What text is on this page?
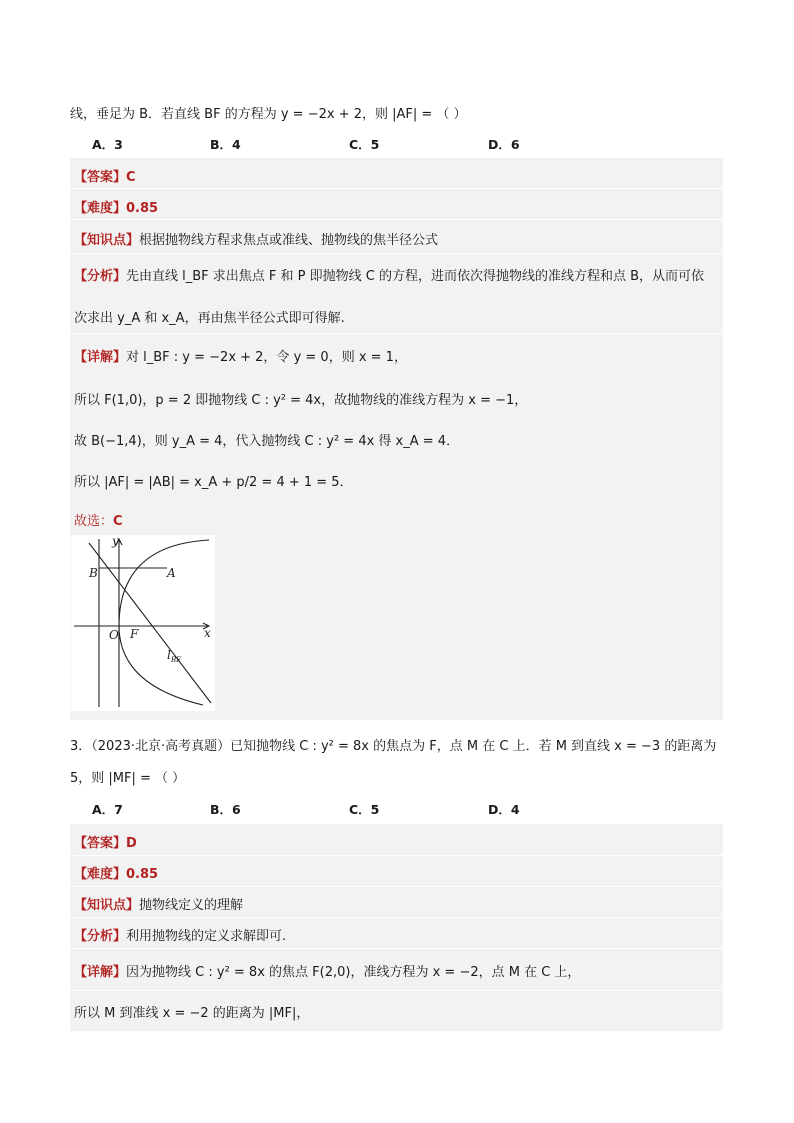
线，垂足为 B．若直线 BF 的方程为 y = −2x + 2，则 |AF| = （ ）
A．3	B．4	C．5	D．6
【答案】C
【难度】0.85
【知识点】根据抛物线方程求焦点或准线、抛物线的焦半径公式
【分析】先由直线 l_BF 求出焦点 F 和 P 即抛物线 C 的方程，进而依次得抛物线的准线方程和点 B，从而可依
次求出 y_A 和 x_A，再由焦半径公式即可得解.
【详解】对 l_BF : y = −2x + 2，令 y = 0，则 x = 1，
所以 F(1,0)，p = 2 即抛物线 C : y² = 4x，故抛物线的准线方程为 x = −1，
故 B(−1,4)，则 y_A = 4，代入抛物线 C : y² = 4x 得 x_A = 4．
所以 |AF| = |AB| = x_A + p/2 = 4 + 1 = 5．
故选：C
y
x
B	A
O F
l BF
3．（2023·北京·高考真题）已知抛物线 C : y² = 8x 的焦点为 F，点 M 在 C 上．若 M 到直线 x = −3 的距离为
5，则 |MF| = （ ）
A．7	B．6	C．5	D．4
【答案】D
【难度】0.85
【知识点】抛物线定义的理解
【分析】利用抛物线的定义求解即可.
【详解】因为抛物线 C : y² = 8x 的焦点 F(2,0)，准线方程为 x = −2，点 M 在 C 上，
所以 M 到准线 x = −2 的距离为 |MF|，
